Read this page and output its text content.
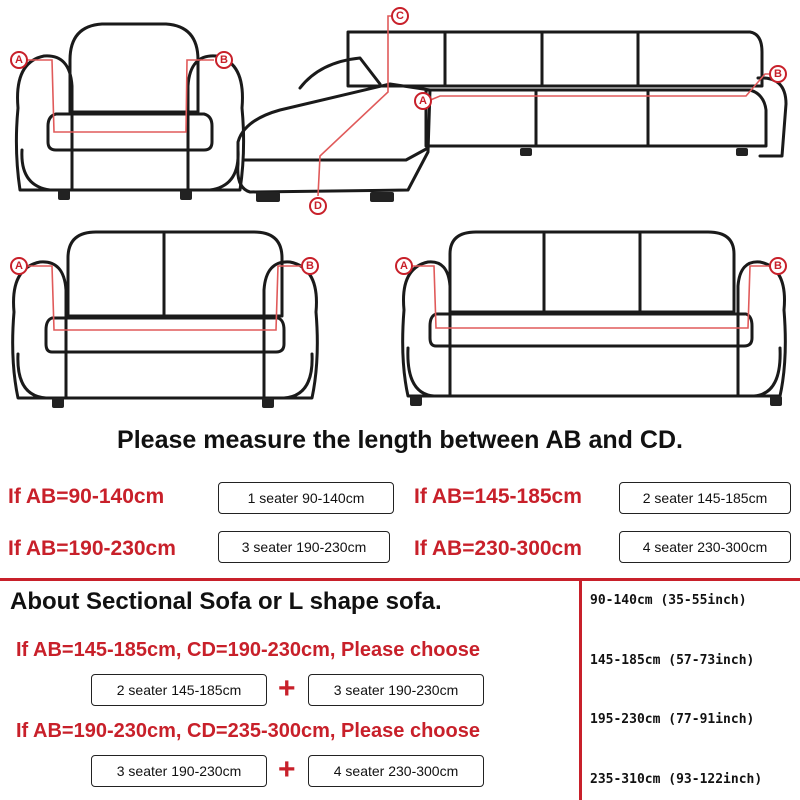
A	B
A
B
C
D
A	B	A	B
Please measure the length between AB and CD.
If AB=90-140cm	1 seater 90-140cm	If AB=145-185cm	2 seater 145-185cm
If AB=190-230cm	3 seater 190-230cm	If AB=230-300cm	4 seater 230-300cm
About Sectional Sofa or L shape sofa.
If AB=145-185cm, CD=190-230cm, Please choose
2 seater 145-185cm	+	3 seater 190-230cm
If AB=190-230cm, CD=235-300cm, Please choose
3 seater 190-230cm	+	4 seater 230-300cm
90-140cm (35-55inch)
145-185cm (57-73inch)
195-230cm (77-91inch)
235-310cm (93-122inch)
